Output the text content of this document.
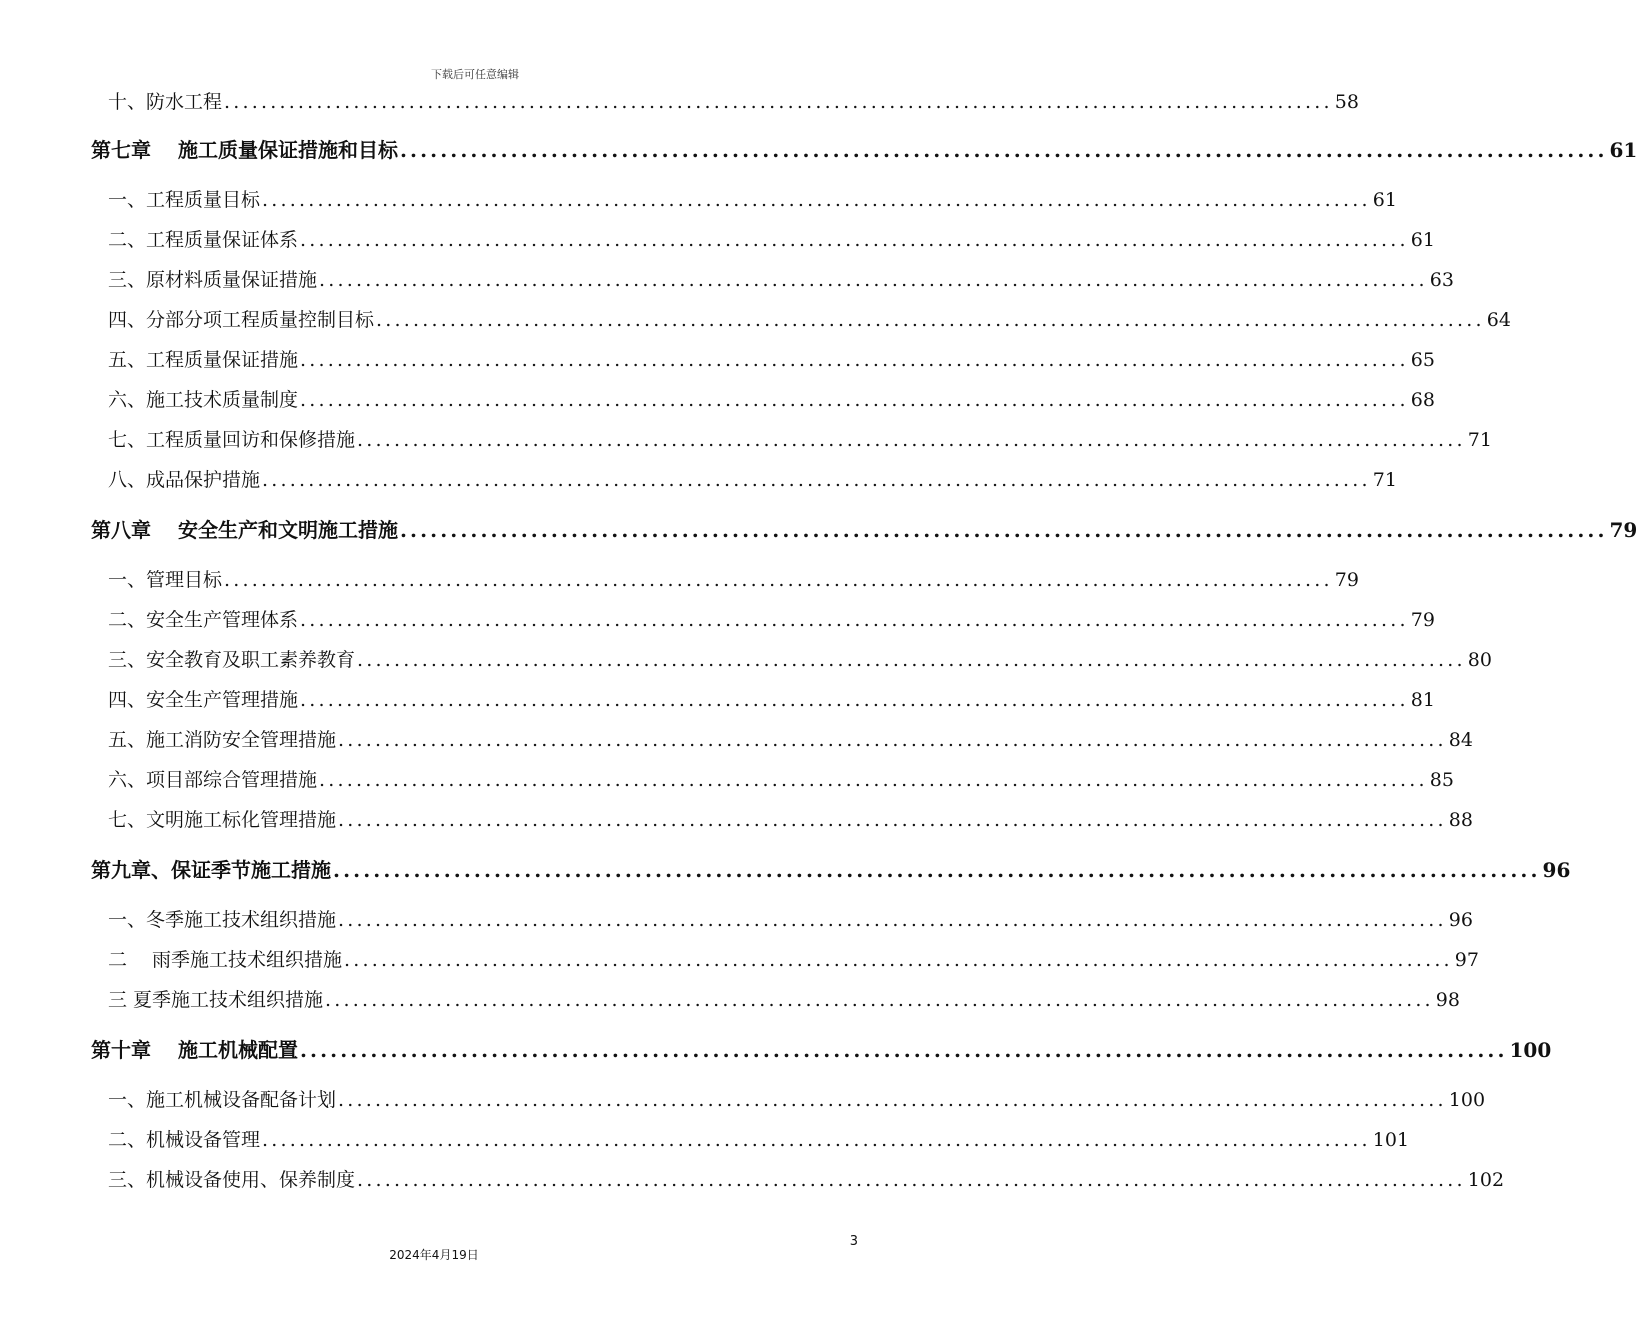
下载后可任意编辑
十、防水工程 ........................................................................................................................ 58
第七章　 施工质量保证措施和目标 ........................................................................................................................ 61
一、工程质量目标 ........................................................................................................................ 61
二、工程质量保证体系 ........................................................................................................................ 61
三、原材料质量保证措施 ........................................................................................................................ 63
四、分部分项工程质量控制目标 ........................................................................................................................ 64
五、工程质量保证措施 ........................................................................................................................ 65
六、施工技术质量制度 ........................................................................................................................ 68
七、工程质量回访和保修措施 ........................................................................................................................ 71
八、成品保护措施 ........................................................................................................................ 71
第八章　 安全生产和文明施工措施 ........................................................................................................................ 79
一、管理目标 ........................................................................................................................ 79
二、安全生产管理体系 ........................................................................................................................ 79
三、安全教育及职工素养教育 ........................................................................................................................ 80
四、安全生产管理措施 ........................................................................................................................ 81
五、施工消防安全管理措施 ........................................................................................................................ 84
六、项目部综合管理措施 ........................................................................................................................ 85
七、文明施工标化管理措施 ........................................................................................................................ 88
第九章、保证季节施工措施 ........................................................................................................................ 96
一、冬季施工技术组织措施 ........................................................................................................................ 96
二　 雨季施工技术组织措施 ........................................................................................................................ 97
三 夏季施工技术组织措施 ........................................................................................................................ 98
第十章　 施工机械配置 ........................................................................................................................ 100
一、施工机械设备配备计划 ........................................................................................................................ 100
二、机械设备管理 ........................................................................................................................ 101
三、机械设备使用、保养制度 ........................................................................................................................ 102
3
2024年4月19日
